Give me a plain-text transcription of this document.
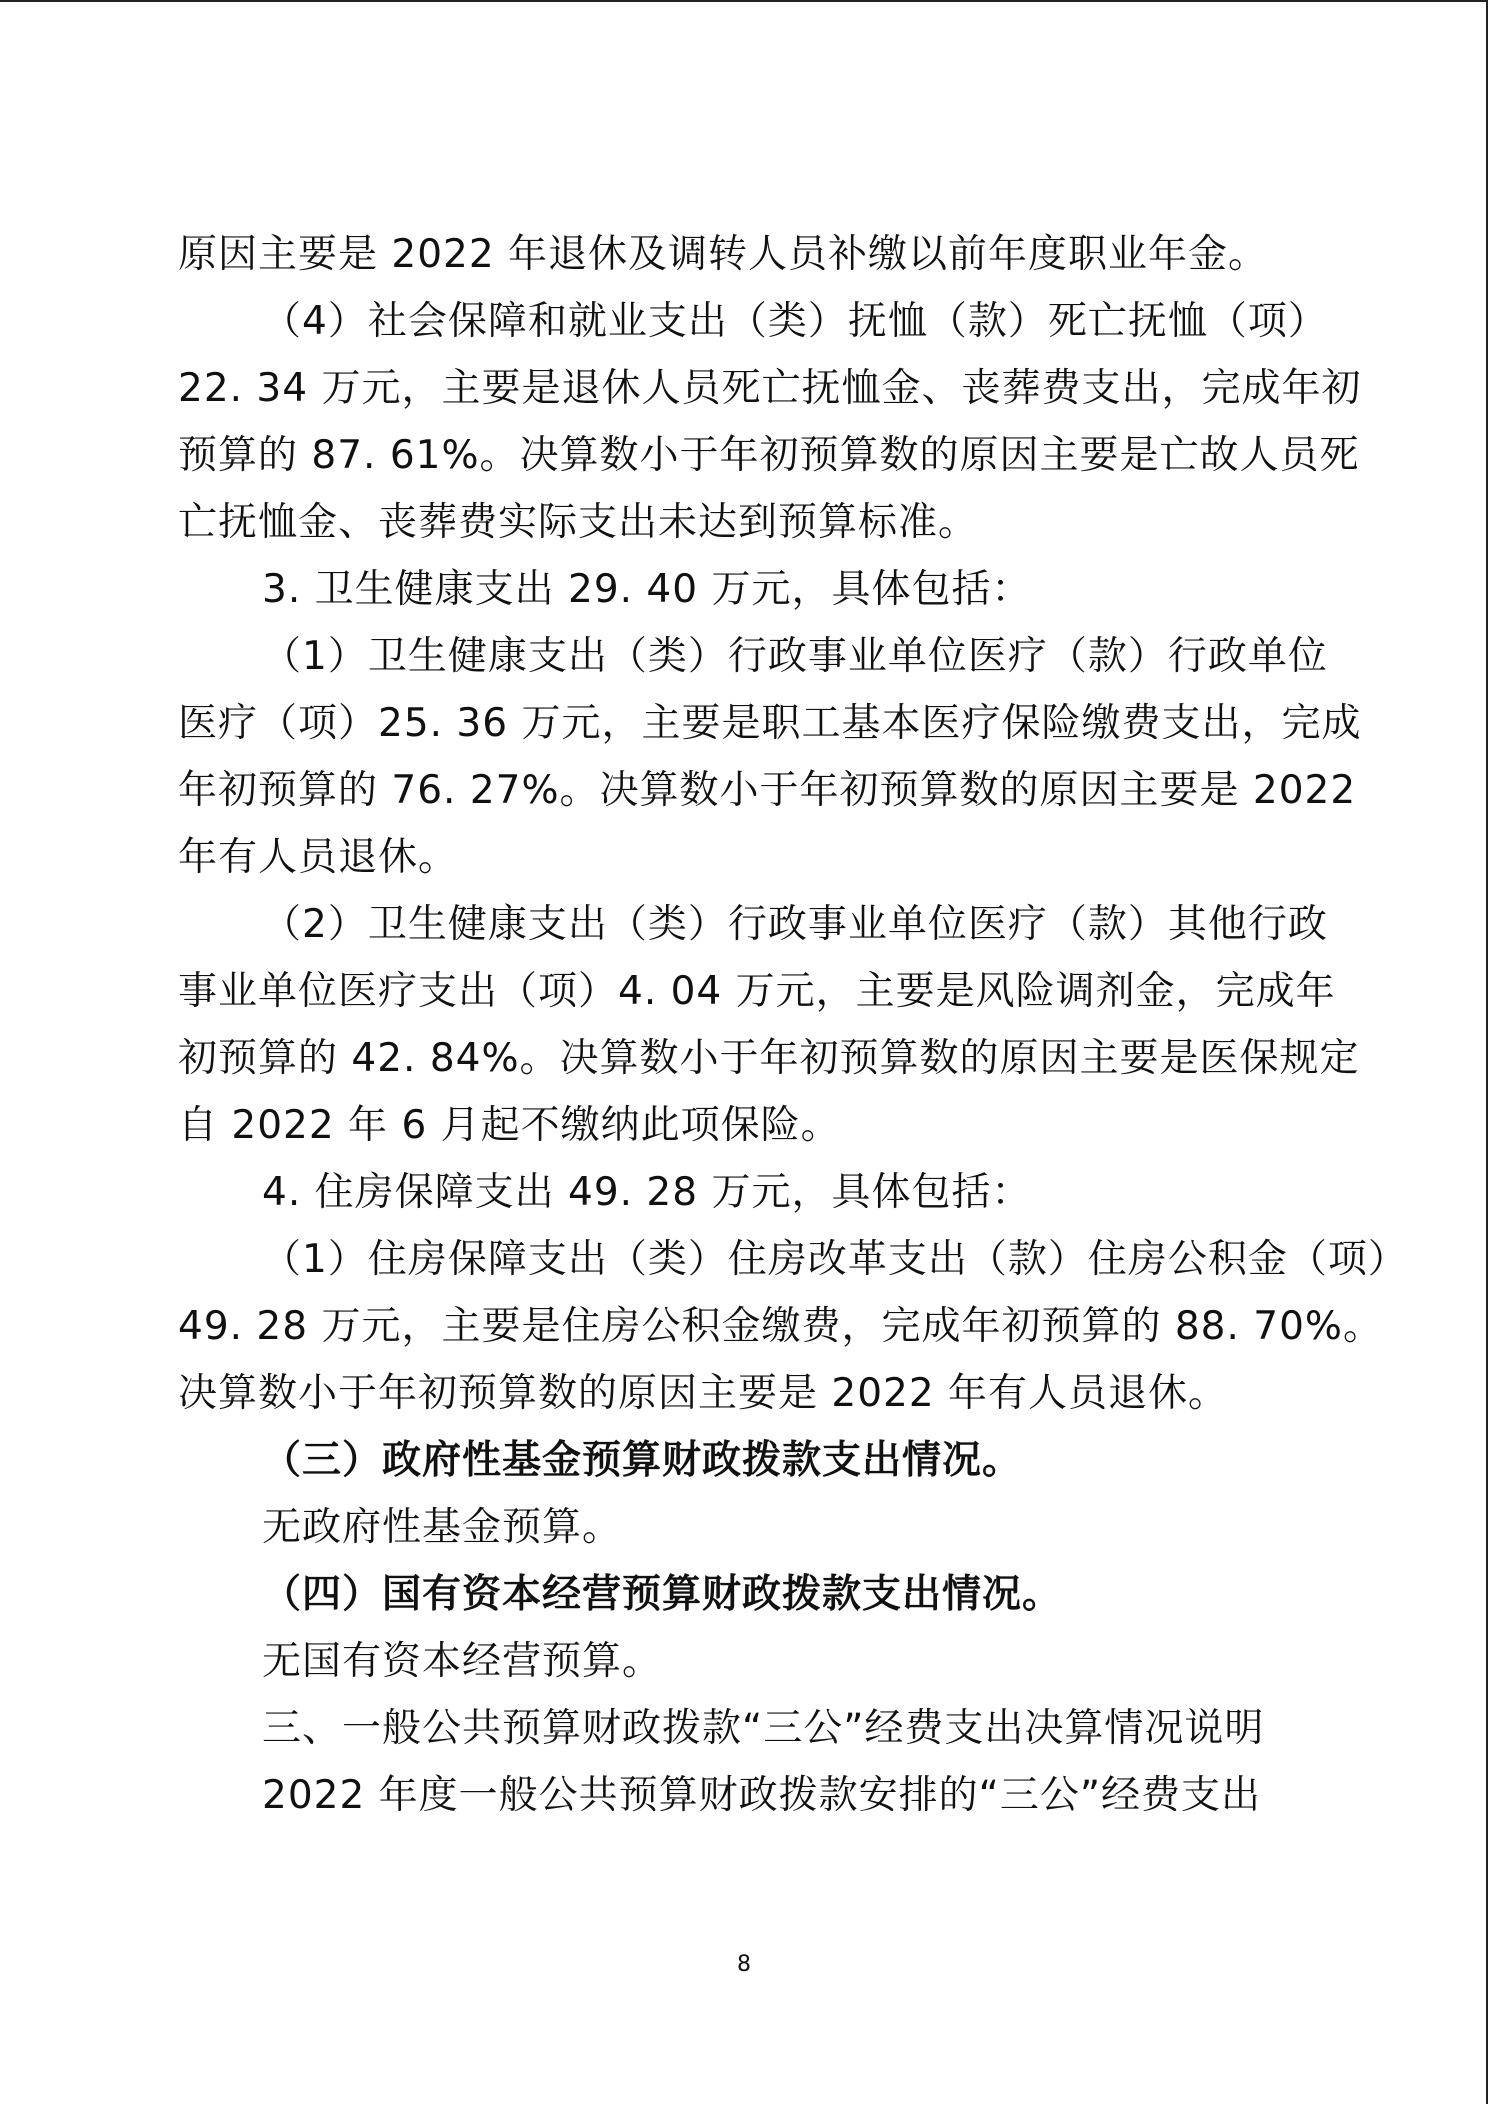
原因主要是 2022 年退休及调转人员补缴以前年度职业年金。
（4）社会保障和就业支出（类）抚恤（款）死亡抚恤（项）
22. 34 万元，主要是退休人员死亡抚恤金、丧葬费支出，完成年初
预算的 87. 61%。决算数小于年初预算数的原因主要是亡故人员死
亡抚恤金、丧葬费实际支出未达到预算标准。
3. 卫生健康支出 29. 40 万元，具体包括：
（1）卫生健康支出（类）行政事业单位医疗（款）行政单位
医疗（项）25. 36 万元，主要是职工基本医疗保险缴费支出，完成
年初预算的 76. 27%。决算数小于年初预算数的原因主要是 2022
年有人员退休。
（2）卫生健康支出（类）行政事业单位医疗（款）其他行政
事业单位医疗支出（项）4. 04 万元，主要是风险调剂金，完成年
初预算的 42. 84%。决算数小于年初预算数的原因主要是医保规定
自 2022 年 6 月起不缴纳此项保险。
4. 住房保障支出 49. 28 万元，具体包括：
（1）住房保障支出（类）住房改革支出（款）住房公积金（项）
49. 28 万元，主要是住房公积金缴费，完成年初预算的 88. 70%。
决算数小于年初预算数的原因主要是 2022 年有人员退休。
（三）政府性基金预算财政拨款支出情况。
无政府性基金预算。
（四）国有资本经营预算财政拨款支出情况。
无国有资本经营预算。
三、一般公共预算财政拨款“三公”经费支出决算情况说明
2022 年度一般公共预算财政拨款安排的“三公”经费支出
8
